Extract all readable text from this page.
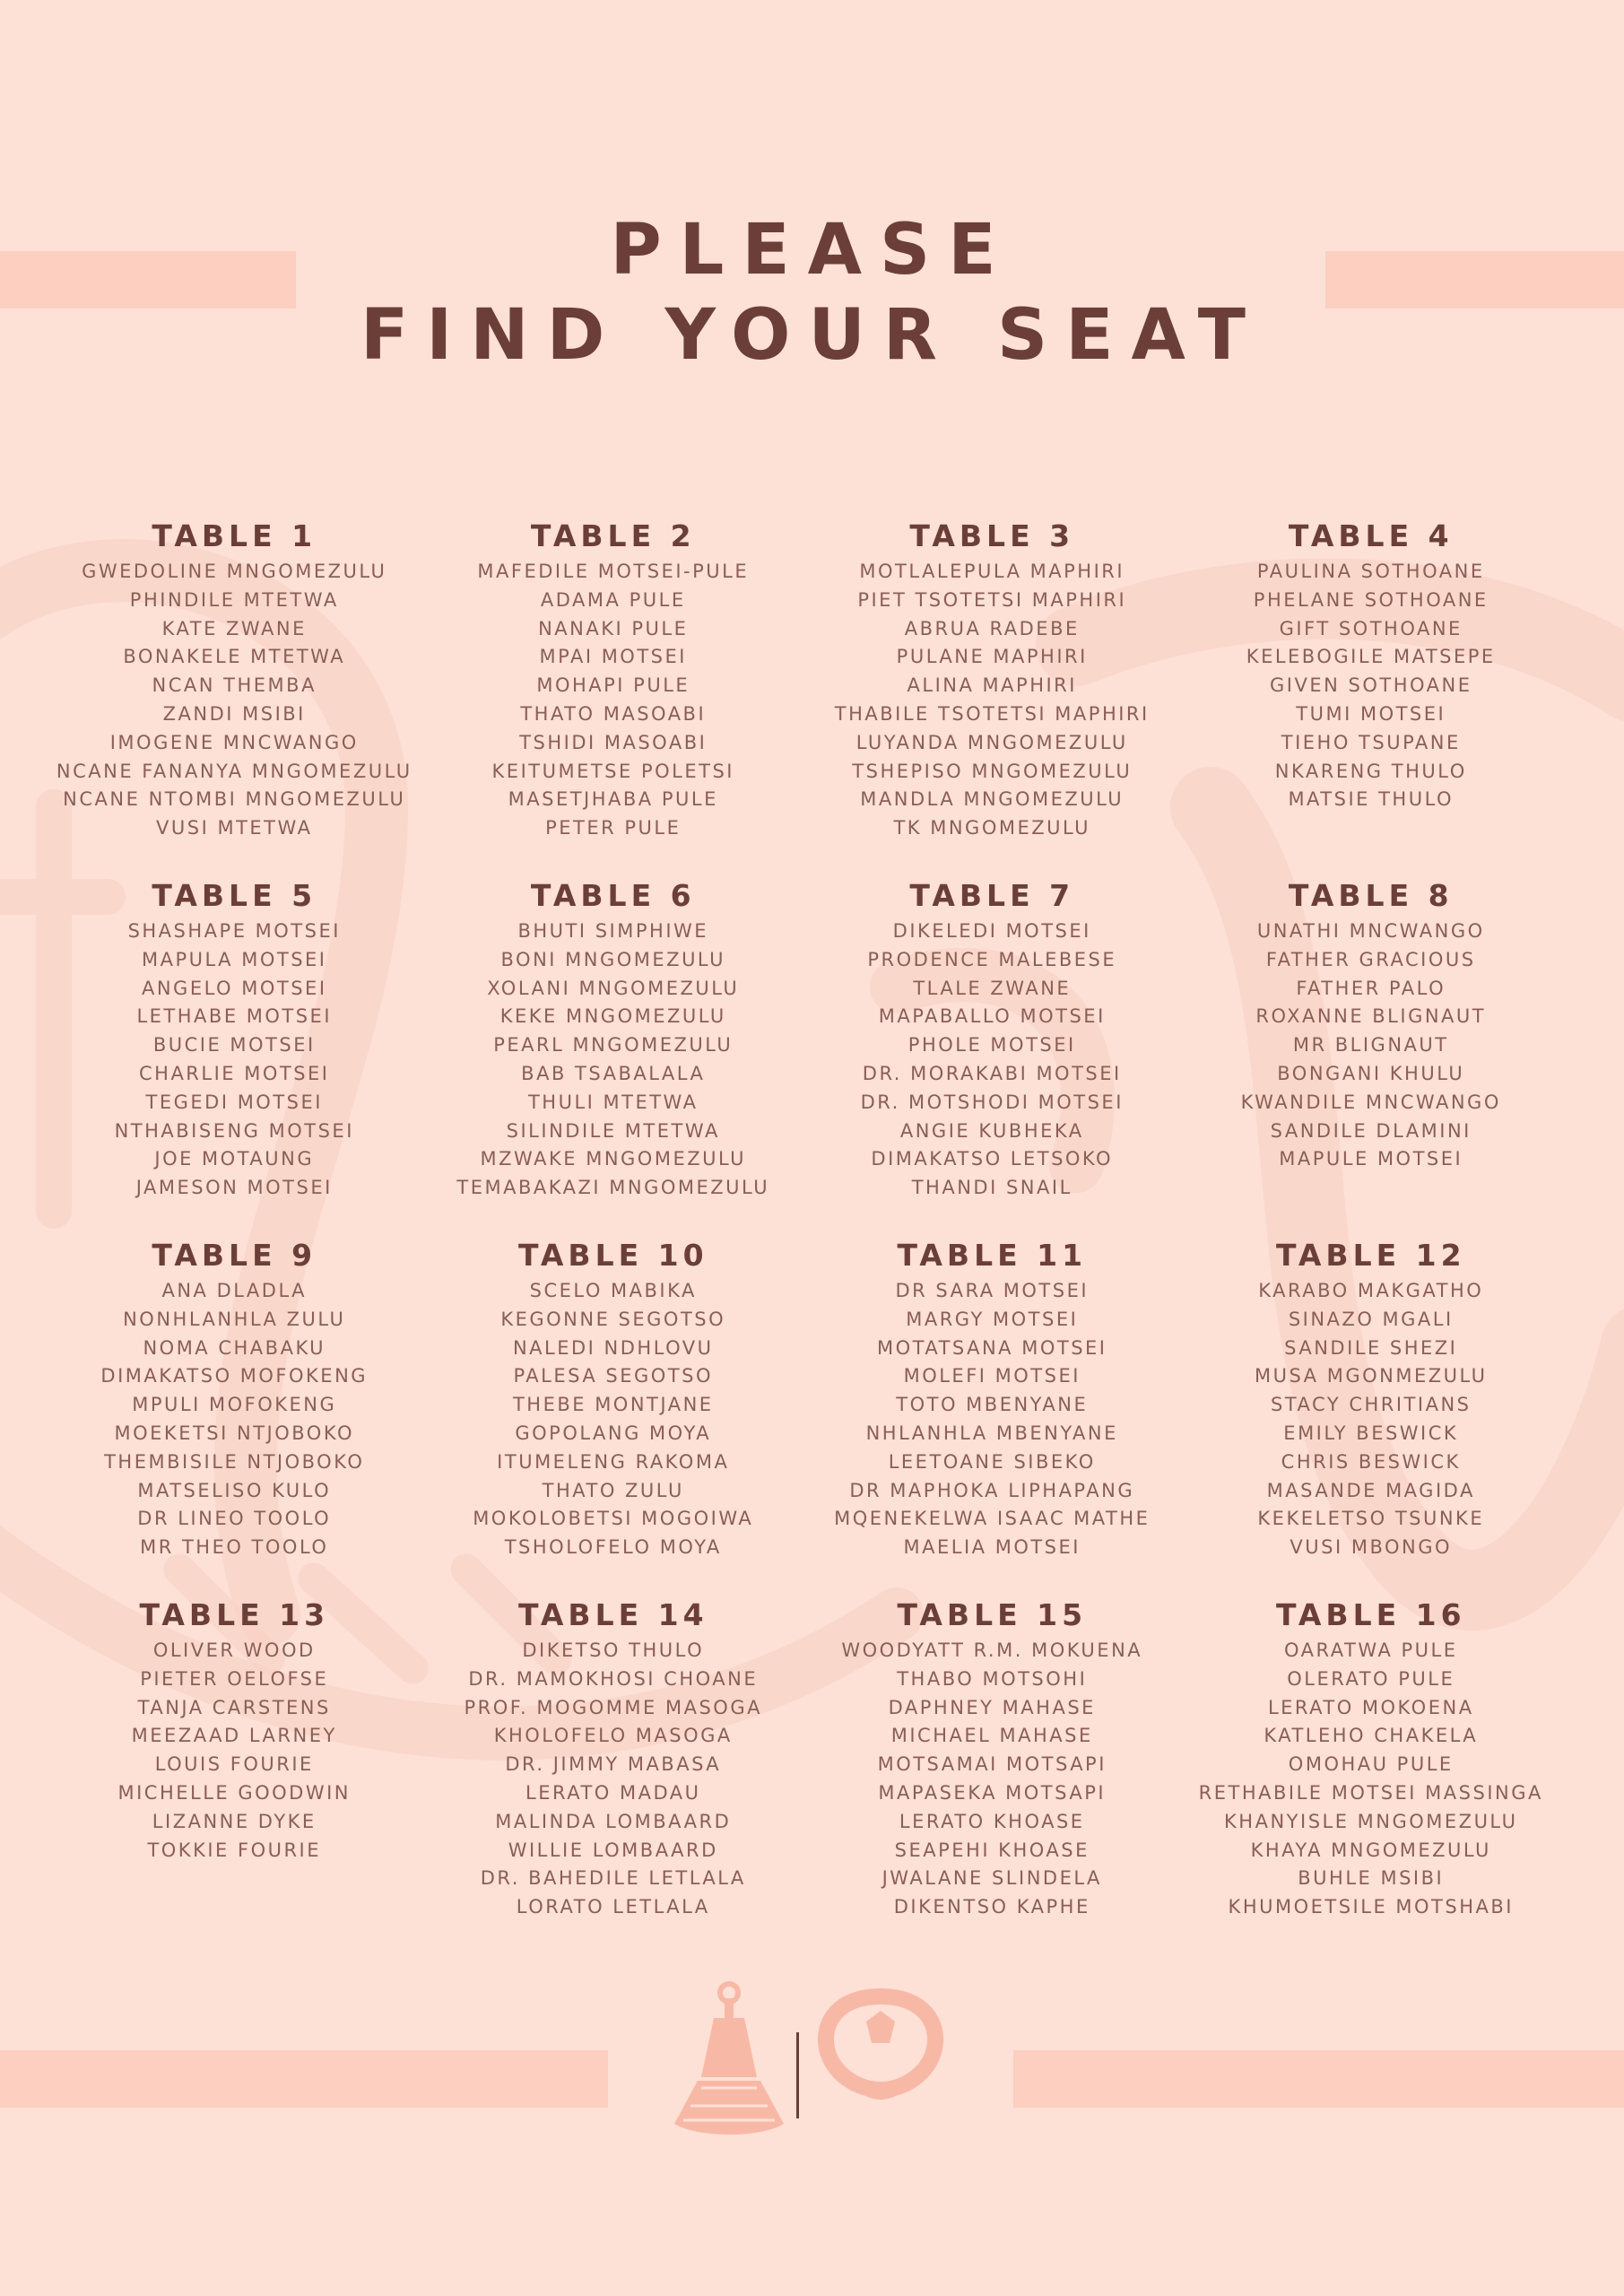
PLEASE
FIND YOUR SEAT
TABLE 1
GWEDOLINE MNGOMEZULU
PHINDILE MTETWA
KATE ZWANE
BONAKELE MTETWA
NCAN THEMBA
ZANDI MSIBI
IMOGENE MNCWANGO
NCANE FANANYA MNGOMEZULU
NCANE NTOMBI MNGOMEZULU
VUSI MTETWA
TABLE 2
MAFEDILE MOTSEI-PULE
ADAMA PULE
NANAKI PULE
MPAI MOTSEI
MOHAPI PULE
THATO MASOABI
TSHIDI MASOABI
KEITUMETSE POLETSI
MASETJHABA PULE
PETER PULE
TABLE 3
MOTLALEPULA MAPHIRI
PIET TSOTETSI MAPHIRI
ABRUA RADEBE
PULANE MAPHIRI
ALINA MAPHIRI
THABILE TSOTETSI MAPHIRI
LUYANDA MNGOMEZULU
TSHEPISO MNGOMEZULU
MANDLA MNGOMEZULU
TK MNGOMEZULU
TABLE 4
PAULINA SOTHOANE
PHELANE SOTHOANE
GIFT SOTHOANE
KELEBOGILE MATSEPE
GIVEN SOTHOANE
TUMI MOTSEI
TIEHO TSUPANE
NKARENG THULO
MATSIE THULO
TABLE 5
SHASHAPE MOTSEI
MAPULA MOTSEI
ANGELO MOTSEI
LETHABE MOTSEI
BUCIE MOTSEI
CHARLIE MOTSEI
TEGEDI MOTSEI
NTHABISENG MOTSEI
JOE MOTAUNG
JAMESON MOTSEI
TABLE 6
BHUTI SIMPHIWE
BONI MNGOMEZULU
XOLANI MNGOMEZULU
KEKE MNGOMEZULU
PEARL MNGOMEZULU
BAB TSABALALA
THULI MTETWA
SILINDILE MTETWA
MZWAKE MNGOMEZULU
TEMABAKAZI MNGOMEZULU
TABLE 7
DIKELEDI MOTSEI
PRODENCE MALEBESE
TLALE ZWANE
MAPABALLO MOTSEI
PHOLE MOTSEI
DR. MORAKABI MOTSEI
DR. MOTSHODI MOTSEI
ANGIE KUBHEKA
DIMAKATSO LETSOKO
THANDI SNAIL
TABLE 8
UNATHI MNCWANGO
FATHER GRACIOUS
FATHER PALO
ROXANNE BLIGNAUT
MR BLIGNAUT
BONGANI KHULU
KWANDILE MNCWANGO
SANDILE DLAMINI
MAPULE MOTSEI
TABLE 9
ANA DLADLA
NONHLANHLA ZULU
NOMA CHABAKU
DIMAKATSO MOFOKENG
MPULI MOFOKENG
MOEKETSI NTJOBOKO
THEMBISILE NTJOBOKO
MATSELISO KULO
DR LINEO TOOLO
MR THEO TOOLO
TABLE 10
SCELO MABIKA
KEGONNE SEGOTSO
NALEDI NDHLOVU
PALESA SEGOTSO
THEBE MONTJANE
GOPOLANG MOYA
ITUMELENG RAKOMA
THATO ZULU
MOKOLOBETSI MOGOIWA
TSHOLOFELO MOYA
TABLE 11
DR SARA MOTSEI
MARGY MOTSEI
MOTATSANA MOTSEI
MOLEFI MOTSEI
TOTO MBENYANE
NHLANHLA MBENYANE
LEETOANE SIBEKO
DR MAPHOKA LIPHAPANG
MQENEKELWA ISAAC MATHE
MAELIA MOTSEI
TABLE 12
KARABO MAKGATHO
SINAZO MGALI
SANDILE SHEZI
MUSA MGONMEZULU
STACY CHRITIANS
EMILY BESWICK
CHRIS BESWICK
MASANDE MAGIDA
KEKELETSO TSUNKE
VUSI MBONGO
TABLE 13
OLIVER WOOD
PIETER OELOFSE
TANJA CARSTENS
MEEZAAD LARNEY
LOUIS FOURIE
MICHELLE GOODWIN
LIZANNE DYKE
TOKKIE FOURIE
TABLE 14
DIKETSO THULO
DR. MAMOKHOSI CHOANE
PROF. MOGOMME MASOGA
KHOLOFELO MASOGA
DR. JIMMY MABASA
LERATO MADAU
MALINDA LOMBAARD
WILLIE LOMBAARD
DR. BAHEDILE LETLALA
LORATO LETLALA
TABLE 15
WOODYATT R.M. MOKUENA
THABO MOTSOHI
DAPHNEY MAHASE
MICHAEL MAHASE
MOTSAMAI MOTSAPI
MAPASEKA MOTSAPI
LERATO KHOASE
SEAPEHI KHOASE
JWALANE SLINDELA
DIKENTSO KAPHE
TABLE 16
OARATWA PULE
OLERATO PULE
LERATO MOKOENA
KATLEHO CHAKELA
OMOHAU PULE
RETHABILE MOTSEI MASSINGA
KHANYISLE MNGOMEZULU
KHAYA MNGOMEZULU
BUHLE MSIBI
KHUMOETSILE MOTSHABI
